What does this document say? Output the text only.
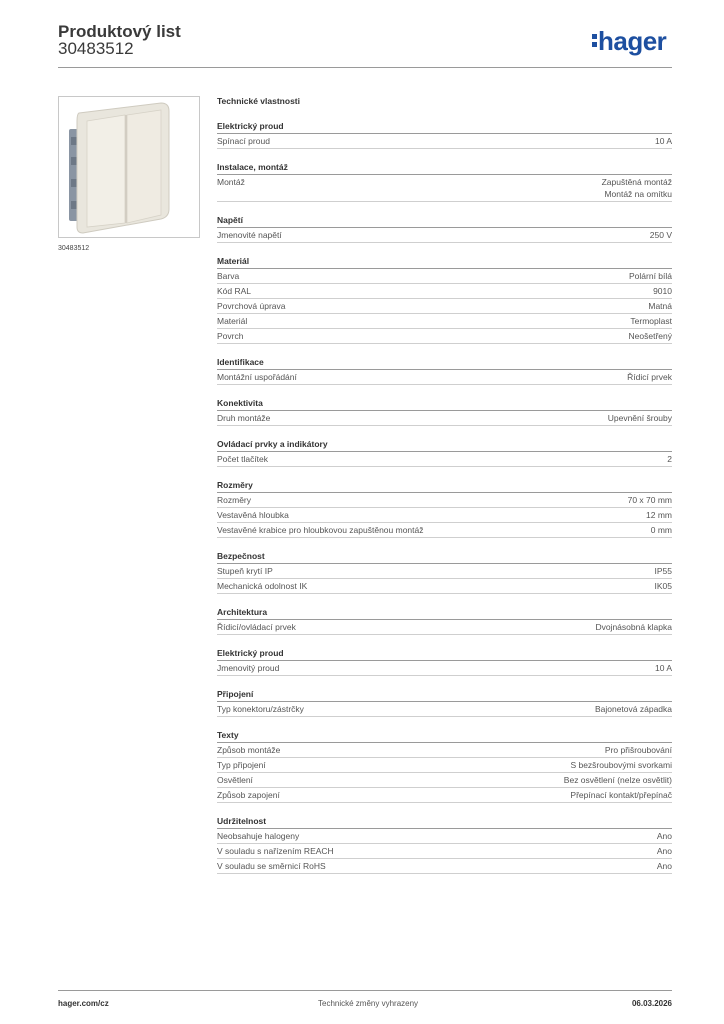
Produktový list
30483512	hager
30483512
Technické vlastnosti
Elektrický proud
Spínací proud	10 A
Instalace, montáž
Montáž	Zapuštěná montáž
Montáž na omítku
Napětí
Jmenovité napětí	250 V
Materiál
Barva	Polární bílá
Kód RAL	9010
Povrchová úprava	Matná
Materiál	Termoplast
Povrch	Neošetřený
Identifikace
Montážní uspořádání	Řídicí prvek
Konektivita
Druh montáže	Upevnění šrouby
Ovládací prvky a indikátory
Počet tlačítek	2
Rozměry
Rozměry	70 x 70 mm
Vestavěná hloubka	12 mm
Vestavěné krabice pro hloubkovou zapuštěnou montáž	0 mm
Bezpečnost
Stupeň krytí IP	IP55
Mechanická odolnost IK	IK05
Architektura
Řídicí/ovládací prvek	Dvojnásobná klapka
Elektrický proud
Jmenovitý proud	10 A
Připojení
Typ konektoru/zástrčky	Bajonetová západka
Texty
Způsob montáže	Pro přišroubování
Typ připojení	S bezšroubovými svorkami
Osvětlení	Bez osvětlení (nelze osvětlit)
Způsob zapojení	Přepínací kontakt/přepínač
Udržitelnost
Neobsahuje halogeny	Ano
V souladu s nařízením REACH	Ano
V souladu se směrnicí RoHS	Ano
hager.com/cz	Technické změny vyhrazeny	06.03.2026
